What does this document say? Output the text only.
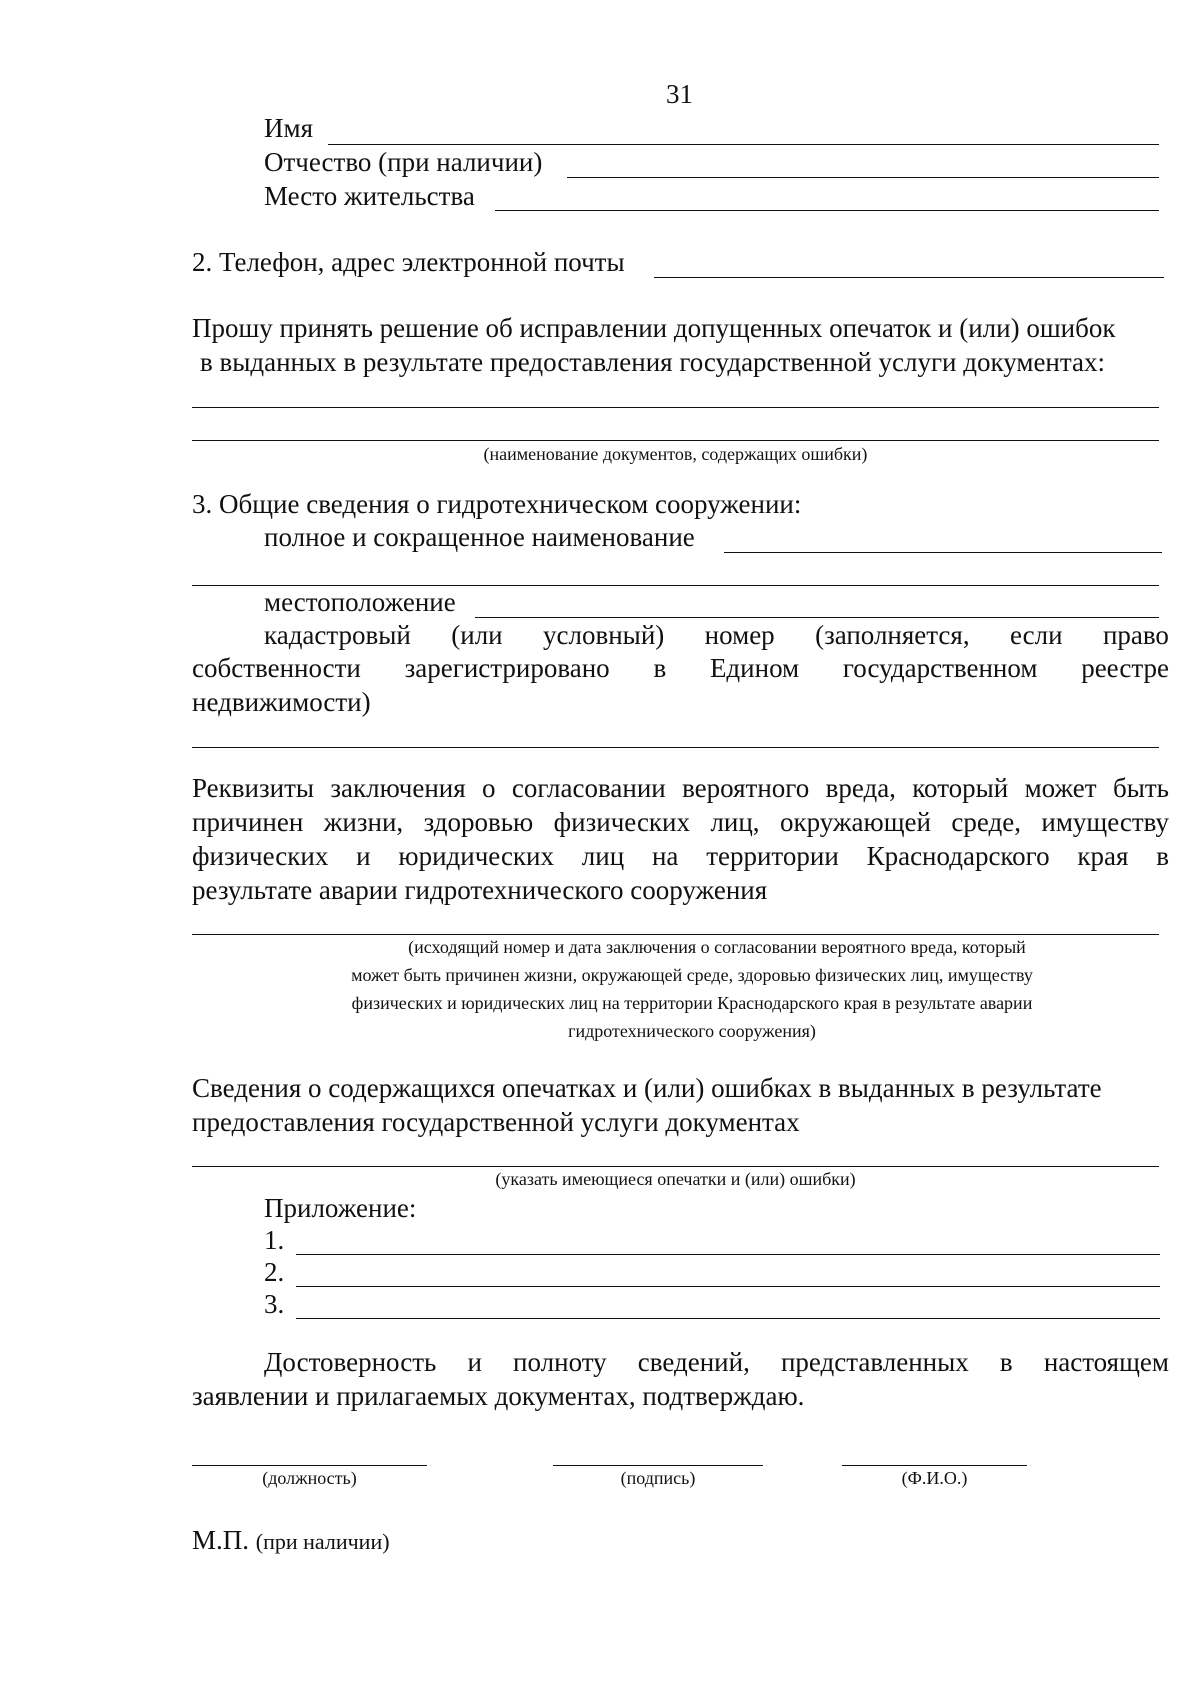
31
Имя
Отчество (при наличии)
Место жительства
2. Телефон, адрес электронной почты
Прошу принять решение об исправлении допущенных опечаток и (или) ошибок
в выданных в результате предоставления государственной услуги документах:
(наименование документов, содержащих ошибки)
3. Общие сведения о гидротехническом сооружении:
полное и сокращенное наименование
местоположение
кадастровый (или условный) номер (заполняется, если право
собственности зарегистрировано в Едином государственном реестре
недвижимости)
Реквизиты заключения о согласовании вероятного вреда, который может быть
причинен жизни, здоровью физических лиц, окружающей среде, имуществу
физических и юридических лиц на территории Краснодарского края в
результате аварии гидротехнического сооружения
(исходящий номер и дата заключения о согласовании вероятного вреда, который
может быть причинен жизни, окружающей среде, здоровью физических лиц, имуществу
физических и юридических лиц на территории Краснодарского края в результате аварии
гидротехнического сооружения)
Сведения о содержащихся опечатках и (или) ошибках в выданных в результате
предоставления государственной услуги документах
(указать имеющиеся опечатки и (или) ошибки)
Приложение:
1.
2.
3.
Достоверность и полноту сведений, представленных в настоящем
заявлении и прилагаемых документах, подтверждаю.
(должность)	(подпись)	(Ф.И.О.)
М.П. (при наличии)
